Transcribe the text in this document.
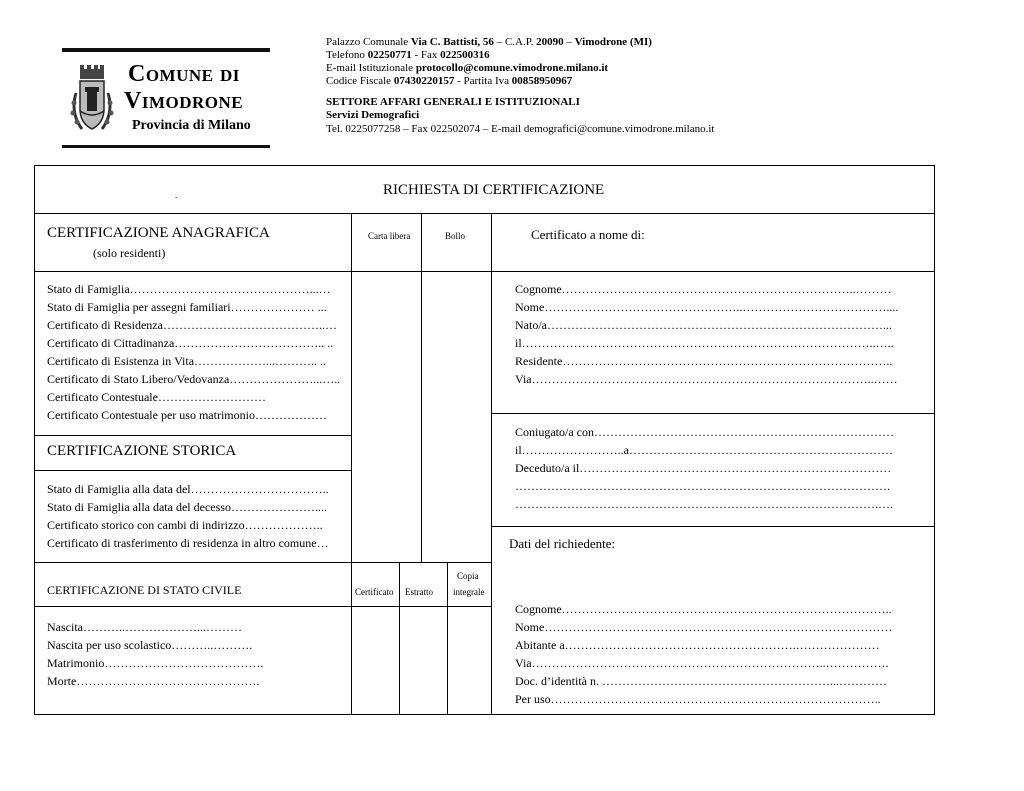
Comune di
Vimodrone
Provincia di Milano
Palazzo Comunale Via C. Battisti, 56 – C.A.P. 20090 – Vimodrone (MI)
Telefono 02250771 - Fax 022500316
E-mail Istituzionale protocollo@comune.vimodrone.milano.it
Codice Fiscale 07430220157 - Partita Iva 00858950967
SETTORE AFFARI GENERALI E ISTITUZIONALI
Servizi Demografici
Tel. 0225077258 – Fax 022502074 – E-mail demografici@comune.vimodrone.milano.it
.	RICHIESTA DI CERTIFICAZIONE
CERTIFICAZIONE ANAGRAFICA
(solo residenti)
Carta libera	Bollo
Stato di Famiglia………………………………………...…
Stato di Famiglia per assegni familiari………………… ...
Certificato di Residenza…………………………………..…
Certificato di Cittadinanza……………………………….. ..
Certificato di Esistenza in Vita………………...……….. ..
Certificato di Stato Libero/Vedovanza…………………...…..
Certificato Contestuale………………………
Certificato Contestuale per uso matrimonio………………
CERTIFICAZIONE STORICA
Stato di Famiglia alla data del……………………………..
Stato di Famiglia alla data del decesso…………………....
Certificato storico con cambi di indirizzo………………..
Certificato di trasferimento di residenza in altro comune…
CERTIFICAZIONE DI STATO CIVILE	Certificato Estratto
Copia
integrale
Nascita………..………………...………
Nascita per uso scolastico………..……….
Matrimonio………………………………….
Morte……………………………………….
Certificato a nome di:
Cognome………………………………………………………………..………
Nome…………………………………………..………………………………....
Nato/a…………………………………………………………………………...
il……………………………………………………………………………..…..
Residente………………………………………………………………………..
Via…………………………………………………………………………..……
Coniugato/a con…………………………………………………………………
il……………………..a…………………………………………………………
Deceduto/a il……………………………………………………………………
………………………………………………………………………………….
……………………………………………………………………………….….
Dati del richiedente:
Cognome………………………………………………………………………..
Nome……………………………………………………………………………
Abitante a………………………………………………….…………………
Via………………………………………………………………..…………….
Doc. d’identità n. …………………………………………………...…………
Per uso………………………………………………………………………..
